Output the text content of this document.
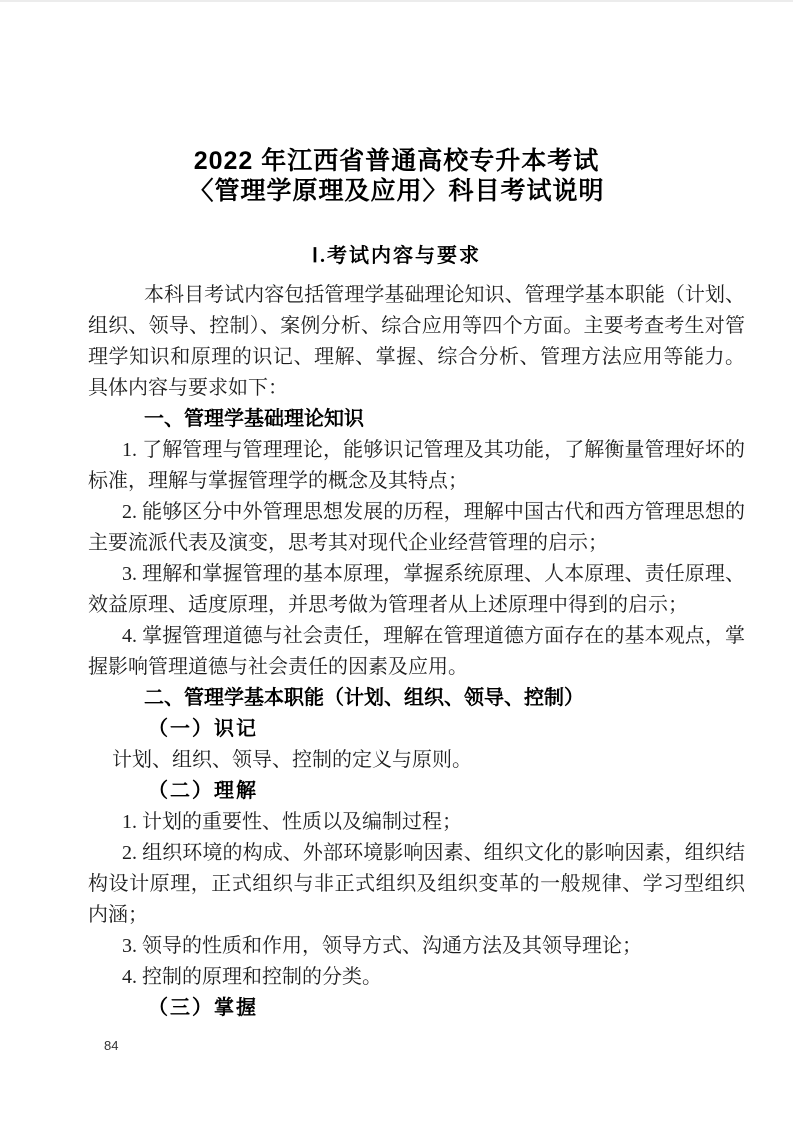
2022 年江西省普通高校专升本考试
〈管理学原理及应用〉科目考试说明
Ⅰ.考试内容与要求

本科目考试内容包括管理学基础理论知识、管理学基本职能（计划、组织、领导、控制）、案例分析、综合应用等四个方面。主要考查考生对管理学知识和原理的识记、理解、掌握、综合分析、管理方法应用等能力。具体内容与要求如下：

一、管理学基础理论知识

1. 了解管理与管理理论，能够识记管理及其功能，了解衡量管理好坏的标准，理解与掌握管理学的概念及其特点；

2. 能够区分中外管理思想发展的历程，理解中国古代和西方管理思想的主要流派代表及演变，思考其对现代企业经营管理的启示；

3. 理解和掌握管理的基本原理，掌握系统原理、人本原理、责任原理、效益原理、适度原理，并思考做为管理者从上述原理中得到的启示；

4. 掌握管理道德与社会责任，理解在管理道德方面存在的基本观点，掌握影响管理道德与社会责任的因素及应用。

二、管理学基本职能（计划、组织、领导、控制）

（一）识记

计划、组织、领导、控制的定义与原则。

（二）理解

1. 计划的重要性、性质以及编制过程；

2. 组织环境的构成、外部环境影响因素、组织文化的影响因素，组织结构设计原理，正式组织与非正式组织及组织变革的一般规律、学习型组织内涵；

3. 领导的性质和作用，领导方式、沟通方法及其领导理论；

4. 控制的原理和控制的分类。

（三）掌握

84
